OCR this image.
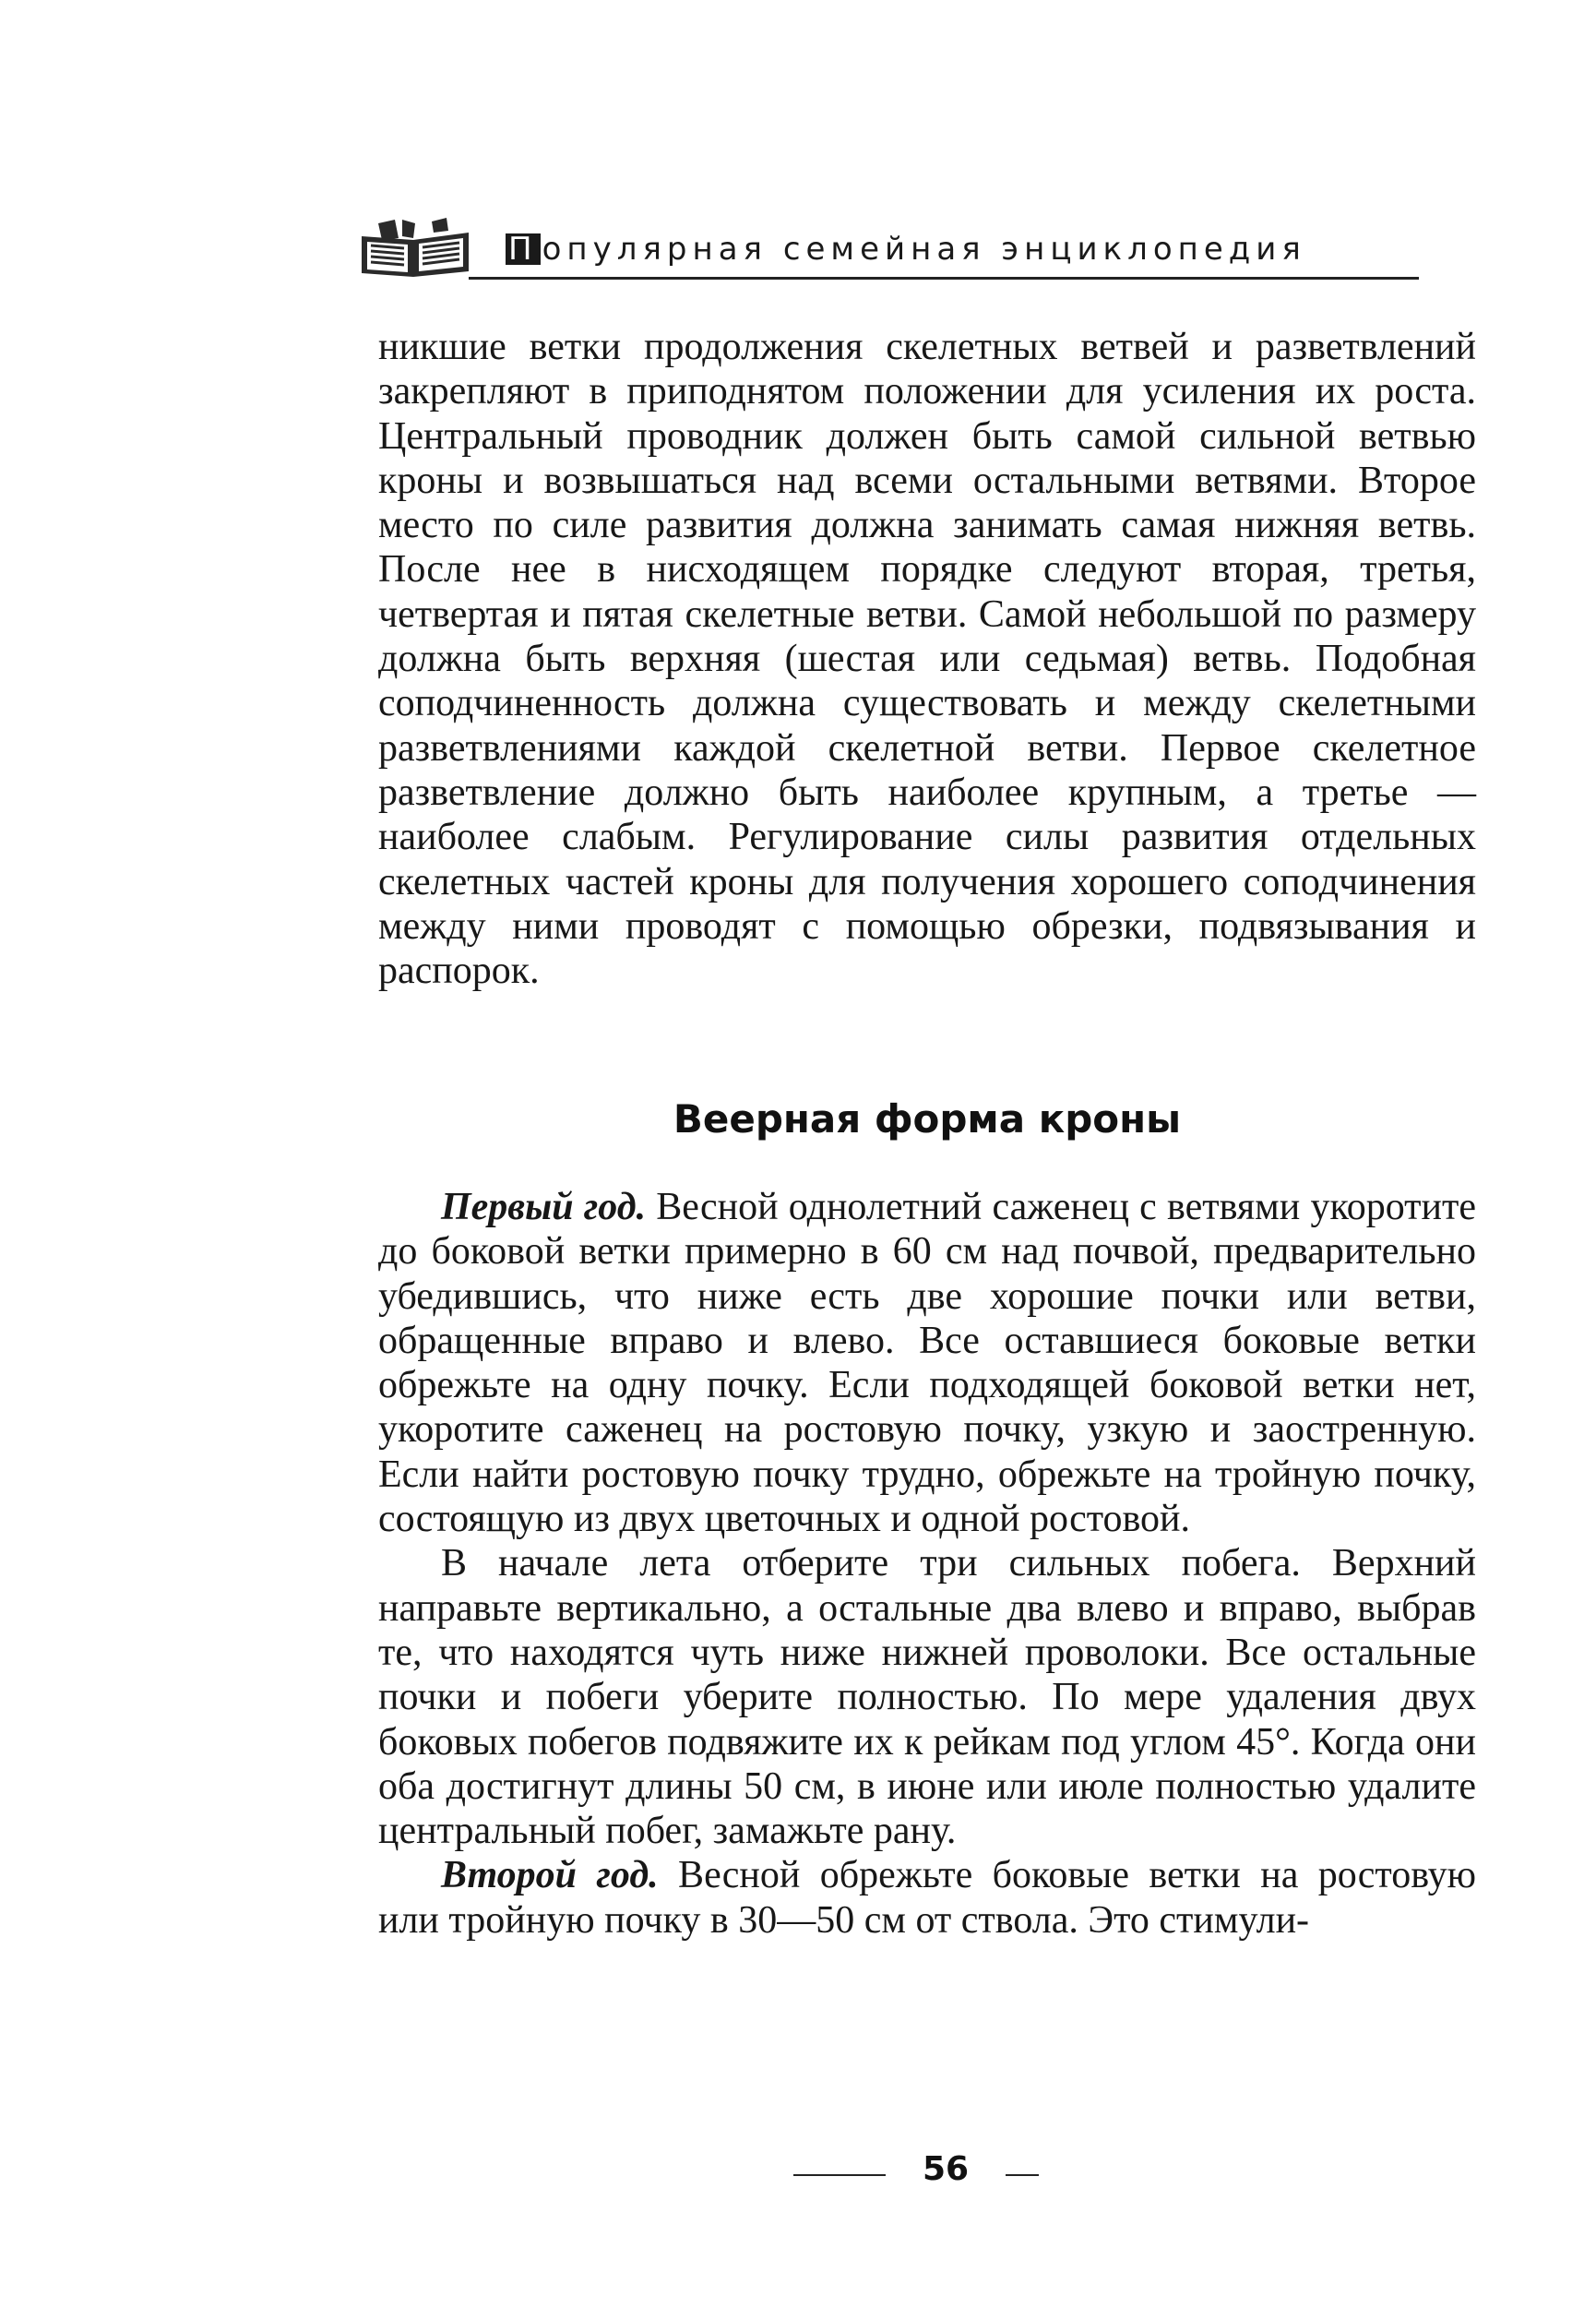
П опулярная семейная энциклопедия

никшие ветки продолжения скелетных ветвей и разветвлений закрепляют в приподнятом положении для усиления их роста. Центральный проводник должен быть самой сильной ветвью кроны и возвышаться над всеми остальными ветвями. Второе место по силе развития должна занимать самая нижняя ветвь. После нее в нисходящем порядке следуют вторая, третья, четвертая и пятая скелетные ветви. Самой небольшой по размеру должна быть верхняя (шестая или седьмая) ветвь. Подобная соподчиненность должна существовать и между скелетными разветвлениями каждой скелетной ветви. Первое скелетное разветвление должно быть наиболее крупным, а третье — наиболее слабым. Регулирование силы развития отдельных скелетных частей кроны для получения хорошего соподчинения между ними проводят с помощью обрезки, подвязывания и распорок.

Веерная форма кроны

Первый год. Весной однолетний саженец с ветвями укоротите до боковой ветки примерно в 60 см над почвой, предварительно убедившись, что ниже есть две хорошие почки или ветви, обращенные вправо и влево. Все оставшиеся боковые ветки обрежьте на одну почку. Если подходящей боковой ветки нет, укоротите саженец на ростовую почку, узкую и заостренную. Если найти ростовую почку трудно, обрежьте на тройную почку, состоящую из двух цветочных и одной ростовой.

В начале лета отберите три сильных побега. Верхний направьте вертикально, а остальные два влево и вправо, выбрав те, что находятся чуть ниже нижней проволоки. Все остальные почки и побеги уберите полностью. По мере удаления двух боковых побегов подвяжите их к рейкам под углом 45°. Когда они оба достигнут длины 50 см, в июне или июле полностью удалите центральный побег, замажьте рану.

Второй год. Весной обрежьте боковые ветки на ростовую или тройную почку в 30—50 см от ствола. Это стимули-

56
